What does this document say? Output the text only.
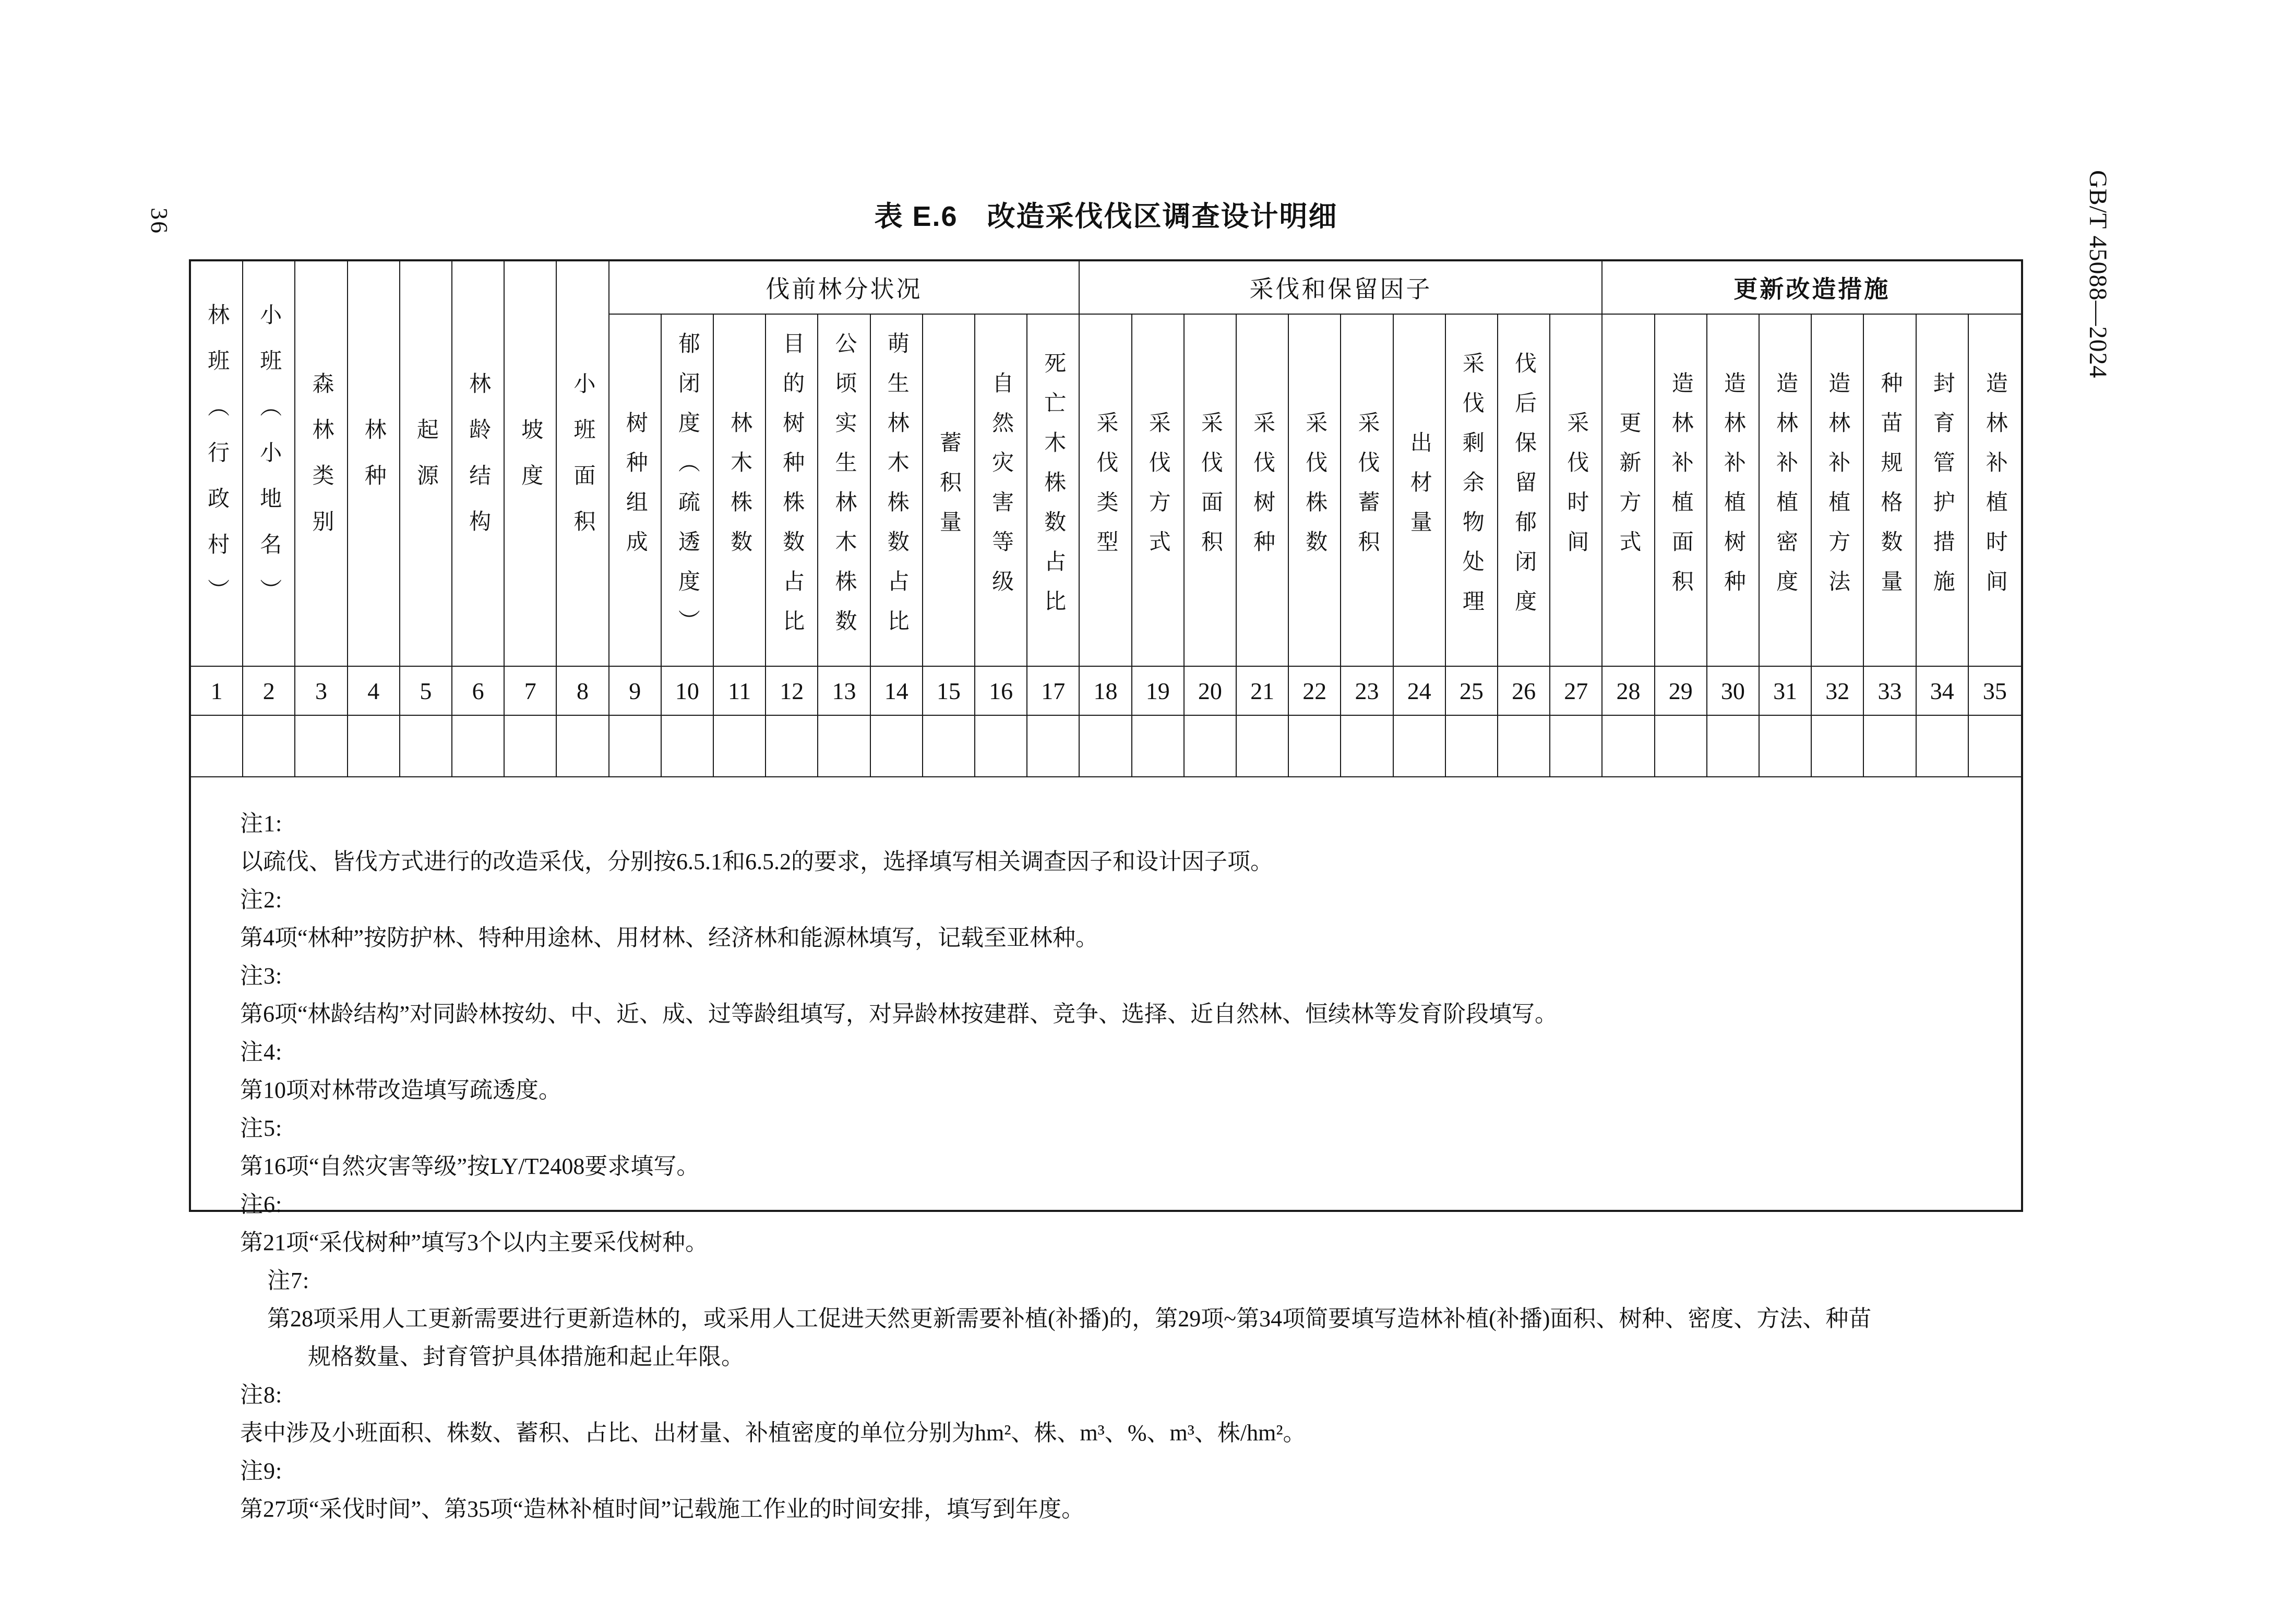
36	GB/T 45088—2024
表 E.6　改造采伐伐区调查设计明细
林班（行政村）	小班（小地名）	森林类别	林种	起源	林龄结构	坡度	小班面积
伐前林分状况	采伐和保留因子	更新改造措施
树种组成	郁闭度（疏透度）	林木株数	目的树种株数占比	公顷实生林木株数	萌生林木株数占比	蓄积量	自然灾害等级	死亡木株数占比	采伐类型	采伐方式	采伐面积	采伐树种	采伐株数	采伐蓄积	出材量	采伐剩余物处理	伐后保留郁闭度	采伐时间	更新方式	造林补植面积	造林补植树种	造林补植密度	造林补植方法	种苗规格数量	封育管护措施	造林补植时间
1	2	3	4	5	6	7	8	9	10	11	12	13	14	15	16	17	18	19	20	21	22	23	24	25	26	27	28	29	30	31	32	33	34	35
注1:
以疏伐、皆伐方式进行的改造采伐，分别按6.5.1和6.5.2的要求，选择填写相关调查因子和设计因子项。
注2:
第4项“林种”按防护林、特种用途林、用材林、经济林和能源林填写，记载至亚林种。
注3:
第6项“林龄结构”对同龄林按幼、中、近、成、过等龄组填写，对异龄林按建群、竞争、选择、近自然林、恒续林等发育阶段填写。
注4:
第10项对林带改造填写疏透度。
注5:
第16项“自然灾害等级”按LY/T2408要求填写。
注6:
第21项“采伐树种”填写3个以内主要采伐树种。
注7:
第28项采用人工更新需要进行更新造林的，或采用人工促进天然更新需要补植(补播)的，第29项~第34项简要填写造林补植(补播)面积、树种、密度、方法、种苗
规格数量、封育管护具体措施和起止年限。
注8:
表中涉及小班面积、株数、蓄积、占比、出材量、补植密度的单位分别为hm²、株、m³、%、m³、株/hm²。
注9:
第27项“采伐时间”、第35项“造林补植时间”记载施工作业的时间安排，填写到年度。
